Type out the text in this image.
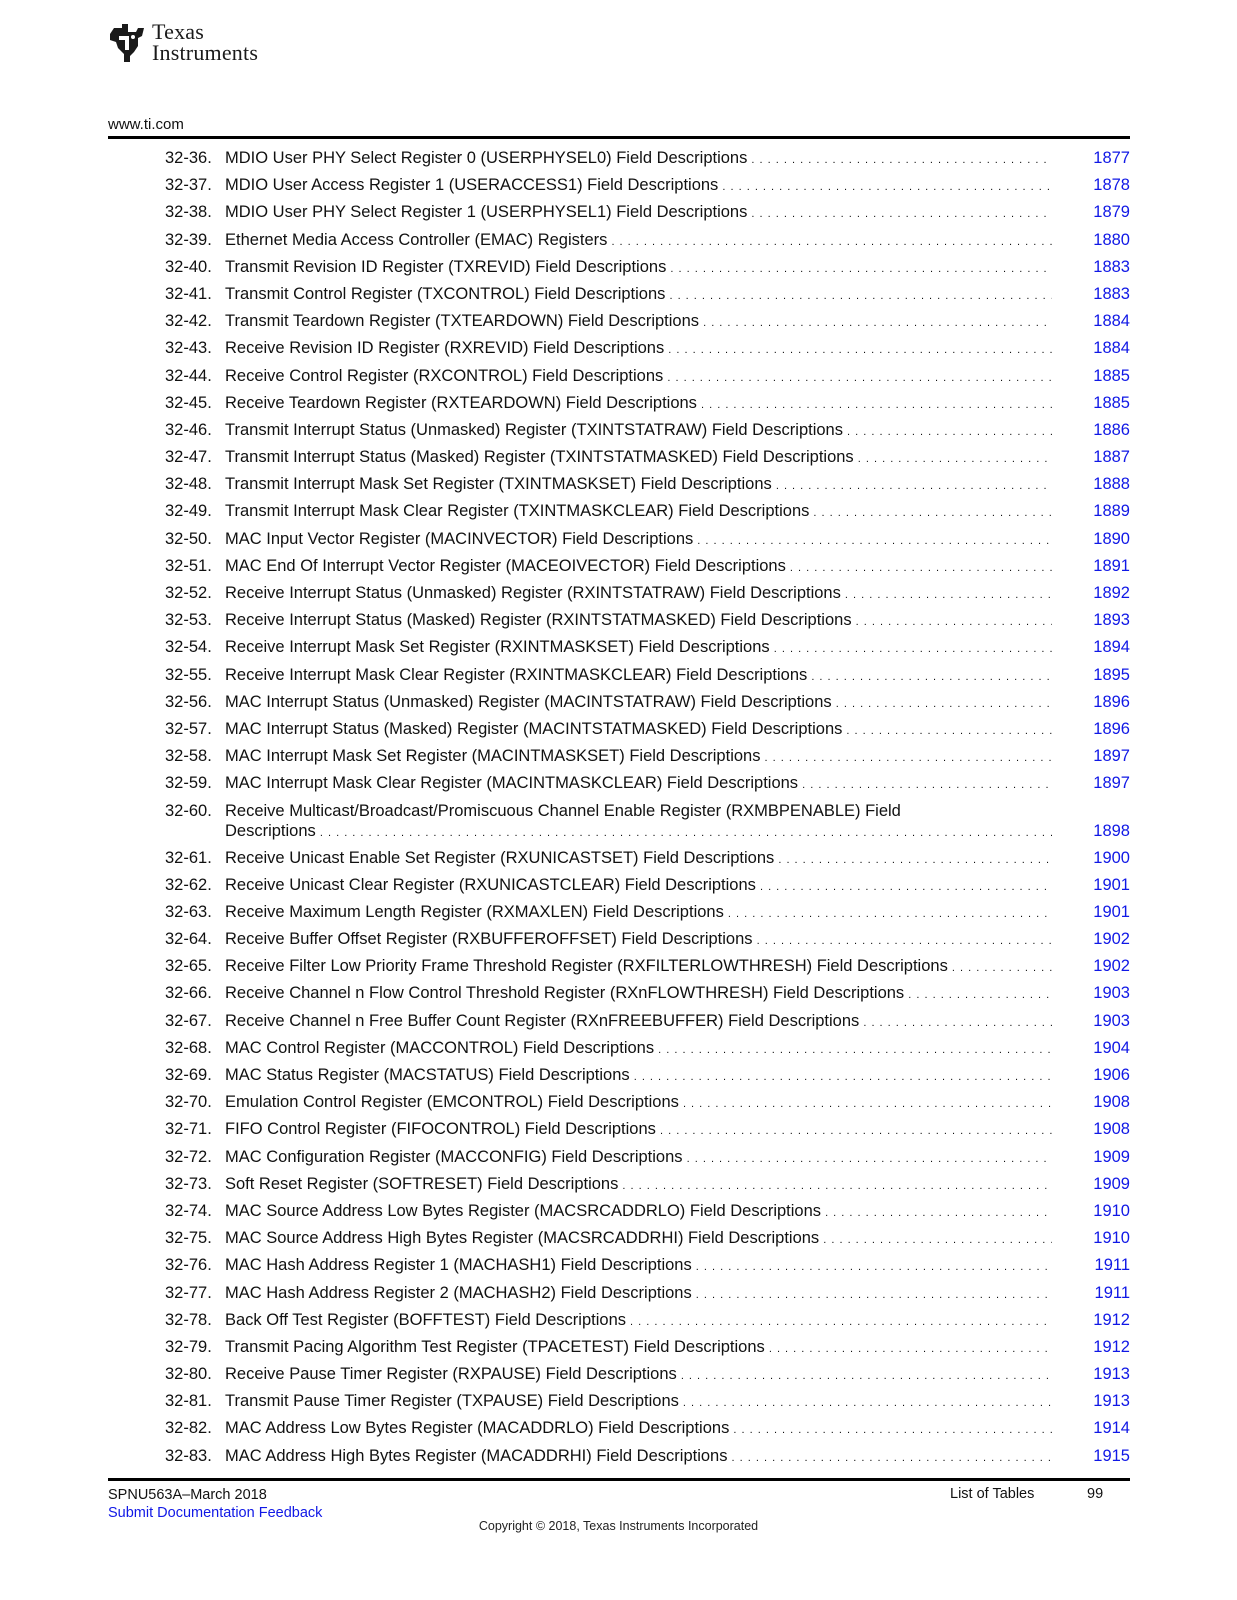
Texas
Instruments
www.ti.com
32-36. MDIO User PHY Select Register 0 (USERPHYSEL0) Field Descriptions . . .	1877
32-37. MDIO User Access Register 1 (USERACCESS1) Field Descriptions . . .	1878
32-38. MDIO User PHY Select Register 1 (USERPHYSEL1) Field Descriptions . . .	1879
32-39. Ethernet Media Access Controller (EMAC) Registers . . .	1880
32-40. Transmit Revision ID Register (TXREVID) Field Descriptions . . .	1883
32-41. Transmit Control Register (TXCONTROL) Field Descriptions . . .	1883
32-42. Transmit Teardown Register (TXTEARDOWN) Field Descriptions . . .	1884
32-43. Receive Revision ID Register (RXREVID) Field Descriptions . . .	1884
32-44. Receive Control Register (RXCONTROL) Field Descriptions . . .	1885
32-45. Receive Teardown Register (RXTEARDOWN) Field Descriptions . . .	1885
32-46. Transmit Interrupt Status (Unmasked) Register (TXINTSTATRAW) Field Descriptions . . .	1886
32-47. Transmit Interrupt Status (Masked) Register (TXINTSTATMASKED) Field Descriptions . . .	1887
32-48. Transmit Interrupt Mask Set Register (TXINTMASKSET) Field Descriptions . . .	1888
32-49. Transmit Interrupt Mask Clear Register (TXINTMASKCLEAR) Field Descriptions . . .	1889
32-50. MAC Input Vector Register (MACINVECTOR) Field Descriptions . . .	1890
32-51. MAC End Of Interrupt Vector Register (MACEOIVECTOR) Field Descriptions . . .	1891
32-52. Receive Interrupt Status (Unmasked) Register (RXINTSTATRAW) Field Descriptions . . .	1892
32-53. Receive Interrupt Status (Masked) Register (RXINTSTATMASKED) Field Descriptions . . .	1893
32-54. Receive Interrupt Mask Set Register (RXINTMASKSET) Field Descriptions . . .	1894
32-55. Receive Interrupt Mask Clear Register (RXINTMASKCLEAR) Field Descriptions . . .	1895
32-56. MAC Interrupt Status (Unmasked) Register (MACINTSTATRAW) Field Descriptions . . .	1896
32-57. MAC Interrupt Status (Masked) Register (MACINTSTATMASKED) Field Descriptions . . .	1896
32-58. MAC Interrupt Mask Set Register (MACINTMASKSET) Field Descriptions . . .	1897
32-59. MAC Interrupt Mask Clear Register (MACINTMASKCLEAR) Field Descriptions . . .	1897
32-60. Receive Multicast/Broadcast/Promiscuous Channel Enable Register (RXMBPENABLE) Field
Descriptions . . .	1898
32-61. Receive Unicast Enable Set Register (RXUNICASTSET) Field Descriptions . . .	1900
32-62. Receive Unicast Clear Register (RXUNICASTCLEAR) Field Descriptions . . .	1901
32-63. Receive Maximum Length Register (RXMAXLEN) Field Descriptions . . .	1901
32-64. Receive Buffer Offset Register (RXBUFFEROFFSET) Field Descriptions . . .	1902
32-65. Receive Filter Low Priority Frame Threshold Register (RXFILTERLOWTHRESH) Field Descriptions . . .	1902
32-66. Receive Channel n Flow Control Threshold Register (RXnFLOWTHRESH) Field Descriptions . . .	1903
32-67. Receive Channel n Free Buffer Count Register (RXnFREEBUFFER) Field Descriptions . . .	1903
32-68. MAC Control Register (MACCONTROL) Field Descriptions . . .	1904
32-69. MAC Status Register (MACSTATUS) Field Descriptions . . .	1906
32-70. Emulation Control Register (EMCONTROL) Field Descriptions . . .	1908
32-71. FIFO Control Register (FIFOCONTROL) Field Descriptions . . .	1908
32-72. MAC Configuration Register (MACCONFIG) Field Descriptions . . .	1909
32-73. Soft Reset Register (SOFTRESET) Field Descriptions . . .	1909
32-74. MAC Source Address Low Bytes Register (MACSRCADDRLO) Field Descriptions . . .	1910
32-75. MAC Source Address High Bytes Register (MACSRCADDRHI) Field Descriptions . . .	1910
32-76. MAC Hash Address Register 1 (MACHASH1) Field Descriptions . . .	1911
32-77. MAC Hash Address Register 2 (MACHASH2) Field Descriptions . . .	1911
32-78. Back Off Test Register (BOFFTEST) Field Descriptions . . .	1912
32-79. Transmit Pacing Algorithm Test Register (TPACETEST) Field Descriptions . . .	1912
32-80. Receive Pause Timer Register (RXPAUSE) Field Descriptions . . .	1913
32-81. Transmit Pause Timer Register (TXPAUSE) Field Descriptions . . .	1913
32-82. MAC Address Low Bytes Register (MACADDRLO) Field Descriptions . . .	1914
32-83. MAC Address High Bytes Register (MACADDRHI) Field Descriptions . . .	1915
SPNU563A–March 2018
Submit Documentation Feedback
List of Tables	99
Copyright © 2018, Texas Instruments Incorporated
